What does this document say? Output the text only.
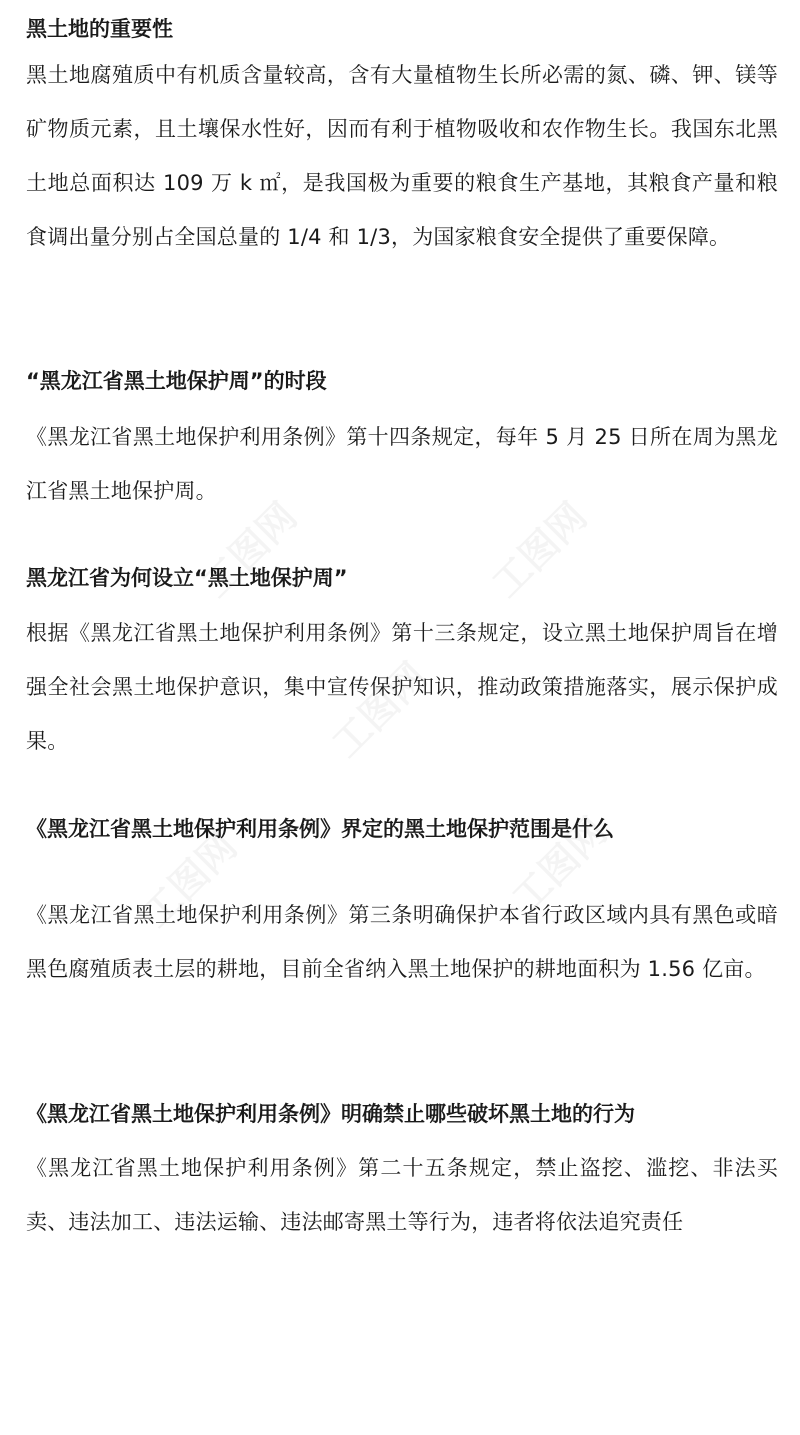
黑土地的重要性
黑土地腐殖质中有机质含量较高，含有大量植物生长所必需的氮、磷、钾、镁等矿物质元素，且土壤保水性好，因而有利于植物吸收和农作物生长。我国东北黑土地总面积达 109 万 k ㎡，是我国极为重要的粮食生产基地，其粮食产量和粮食调出量分别占全国总量的 1/4 和 1/3，为国家粮食安全提供了重要保障。
“黑龙江省黑土地保护周”的时段
《黑龙江省黑土地保护利用条例》第十四条规定，每年 5 月 25 日所在周为黑龙江省黑土地保护周。
黑龙江省为何设立“黑土地保护周”
根据《黑龙江省黑土地保护利用条例》第十三条规定，设立黑土地保护周旨在增强全社会黑土地保护意识，集中宣传保护知识，推动政策措施落实，展示保护成果。
《黑龙江省黑土地保护利用条例》界定的黑土地保护范围是什么
《黑龙江省黑土地保护利用条例》第三条明确保护本省行政区域内具有黑色或暗黑色腐殖质表土层的耕地，目前全省纳入黑土地保护的耕地面积为 1.56 亿亩。
《黑龙江省黑土地保护利用条例》明确禁止哪些破坏黑土地的行为
《黑龙江省黑土地保护利用条例》第二十五条规定，禁止盗挖、滥挖、非法买卖、违法加工、违法运输、违法邮寄黑土等行为，违者将依法追究责任
